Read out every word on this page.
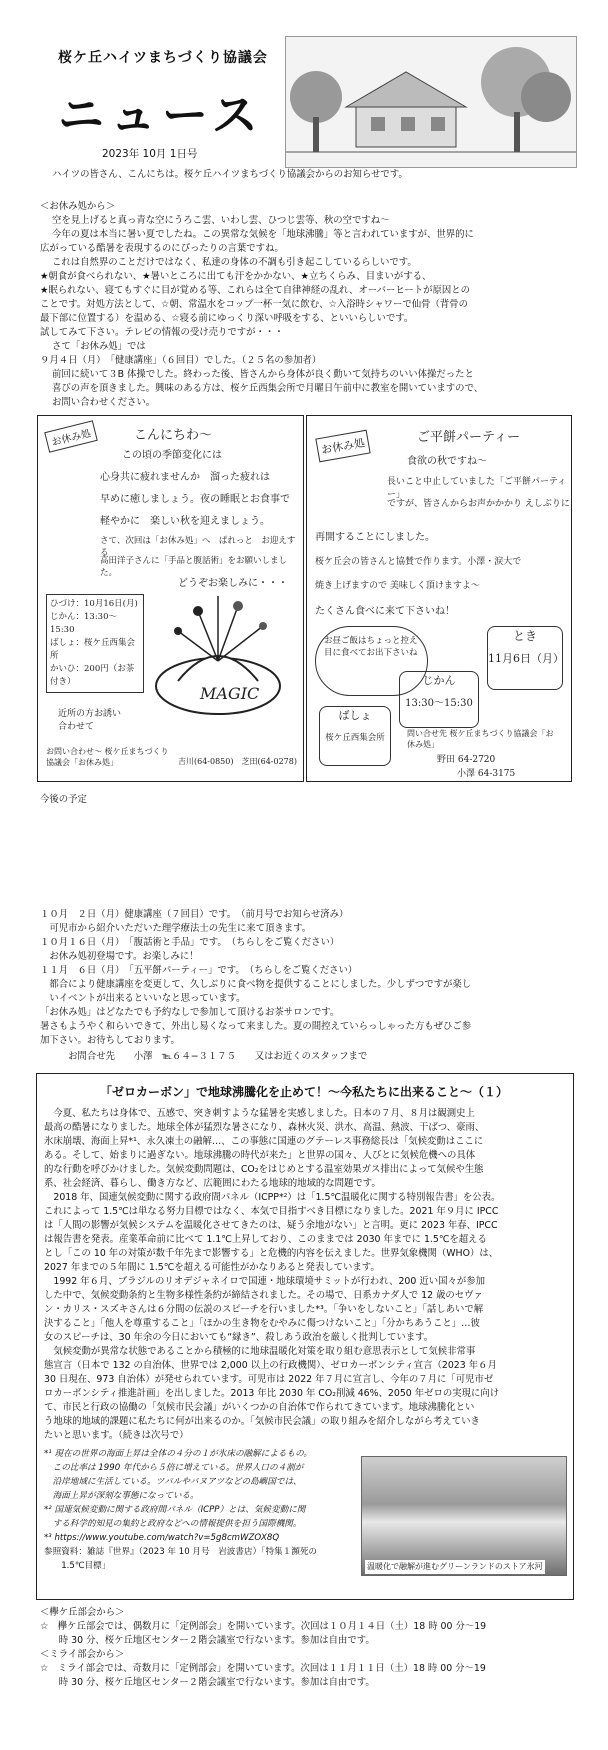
桜ケ丘ハイツまちづくり協議会
ニュース
2023年 10月 1日号
ハイツの皆さん、こんにちは。桜ケ丘ハイツまちづくり協議会からのお知らせです。
＜お休み処から＞
空を見上げると真っ青な空にうろこ雲、いわし雲、ひつじ雲等、秋の空ですね〜
今年の夏は本当に暑い夏でしたね。この異常な気候を「地球沸騰」等と言われていますが、世界的に
広がっている酷暑を表現するのにぴったりの言葉ですね。
これは自然界のことだけではなく、私達の身体の不調も引き起こしているらしいです。
★朝食が食べられない、★暑いところに出ても汗をかかない、★立ちくらみ、目まいがする、
★眠られない、寝てもすぐに目が覚める等、これらは全て自律神経の乱れ、オーバーヒートが原因との
ことです。対処方法として、☆朝、常温水をコップ一杯一気に飲む、☆入浴時シャワーで仙骨（背骨の
最下部に位置する）を温める、☆寝る前にゆっくり深い呼吸をする、といいらしいです。
試してみて下さい。テレビの情報の受け売りですが・・・
さて「お休み処」では
９月４日（月）　「健康講座」（６回目）でした。（２５名の参加者）
前回に続いて３B 体操でした。終わった後、皆さんから身体が良く動いて気持ちのいい体操だったと
喜びの声を頂きました。興味のある方は、桜ケ丘西集会所で月曜日午前中に教室を開いていますので、
お問い合わせください。
お休み処	こんにちわ〜
この頃の季節変化には
心身共に疲れませんか　溜った疲れは
早めに癒しましょう。夜の睡眠とお食事で
軽やかに　楽しい秋を迎えましょう。
さて、次回は「お休み処」へ　ぱれっと　お迎えする
高田洋子さんに「手品と腹話術」をお願いしました。
どうぞお楽しみに・・・
ひづけ：10月16日(月)
じかん：13:30〜15:30
ばしょ：桜ケ丘西集会所
かいひ：200円（お茶付き）
MAGIC
近所の方お誘い合わせて
お問い合わせ〜 桜ケ丘まちづくり協議会「お休み処」	吉川(64-0850)　芝田(64-0278)
お休み処	ご平餅パーティー
食欲の秋ですね〜
長いこと中止していました「ご平餅パーティー」
ですが、皆さんからお声かかかり えしぶりに
再開することにしました。
桜ケ丘会の皆さんと協賛で作ります。小澤・涙大で
焼き上げますので 美味しく頂けますよ〜
たくさん食べに来て下さいね！
お昼ご飯はちょっと控え目に食べてお出下さいね
とき
11月6日（月）
じかん
13:30〜15:30
ばしょ
桜ケ丘西集会所	問い合せ先 桜ケ丘まちづくり協議会「お休み処」
野田 64-2720
小澤 64-3175
今後の予定
１０月　２日（月）健康講座（７回目）です。　（前月号でお知らせ済み）
　可児市から紹介いただいた理学療法士の先生に来て頂きます。
１０月１６日（月）　「腹話術と手品」です。　（ちらしをご覧ください）
　お休み処初登場です。お楽しみに！
１１月　６日（月）　「五平餅パーティー」です。　（ちらしをご覧ください）
　都合により健康講座を変更して、久しぶりに食べ物を提供することにしました。少しずつですが楽し
　いイベントが出来るといいなと思っています。
「お休み処」はどなたでも予約なしで参加して頂けるお茶サロンです。
暑さもようやく和らいできて、外出し易くなって来ました。夏の間控えていらっしゃった方もぜひご参
加下さい。お待ちしております。
　　　お問合せ先　　小澤　℡６４−３１７５　　又はお近くのスタッフまで
「ゼロカーボン」で地球沸騰化を止めて！〜今私たちに出来ること〜（１）
　今夏、私たちは身体で、五感で、突き刺すような猛暑を実感しました。日本の７月、８月は観測史上
最高の酷暑になりました。地球全体が猛烈な暑さになり、森林火災、洪水、高温、熱波、干ばつ、豪雨、
氷床崩壊、海面上昇*¹、永久凍土の融解…、この事態に国連のグテーレス事務総長は「気候変動はここに
ある。そして、始まりに過ぎない。地球沸騰の時代が来た」と世界の国々、人びとに気候危機への具体
的な行動を呼びかけました。気候変動問題は、CO₂をはじめとする温室効果ガス排出によって気候や生態
系、社会経済、暮らし、働き方など、広範囲にわたる地球的地域的な問題です。
　2018 年、国連気候変動に関する政府間パネル（ICPP*²）は「1.5℃温暖化に関する特別報告書」を公表。
これによって 1.5℃は単なる努力目標ではなく、本気で目指すべき目標になりました。2021 年９月に IPCC
は「人間の影響が気候システムを温暖化させてきたのは、疑う余地がない」と言明。更に 2023 年春、IPCC
は報告書を発表。産業革命前に比べて 1.1℃上昇しており、このままでは 2030 年までに 1.5℃を超える
とし「この 10 年の対策が数千年先まで影響する」と危機的内容を伝えました。世界気象機関（WHO）は、
2027 年までの５年間に 1.5℃を超える可能性がかなりあると発表しています。
　1992 年６月、ブラジルのリオデジャネイロで国連・地球環境サミットが行われ、200 近い国々が参加
した中で、気候変動条約と生物多様性条約が締結されました。その場で、日系カナダ人で 12 歳のセヴァ
ン・カリス・スズキさんは６分間の伝説のスピーチを行いました*³。「争いをしないこと」「話しあいで解
決すること」「他人を尊重すること」「ほかの生き物をむやみに傷つけないこと」「分かちあうこと」…彼
女のスピーチは、30 年余の今日においても“縁き”、殺しあう政治を厳しく批判しています。
　気候変動が異常な状態であることから積極的に地球温暖化対策を取り組む意思表示として気候非常事
態宣言（日本で 132 の自治体、世界では 2,000 以上の行政機関）、ゼロカーボンシティ宣言（2023 年６月
30 日現在、973 自治体）が発せられています。可児市は 2022 年７月に宣言し、今年の７月に「可児市ゼ
ロカーボンシティ推進計画」を出しました。2013 年比 2030 年 CO₂削減 46%、2050 年ゼロの実現に向け
て、市民と行政の協働の「気候市民会議」がいくつかの自治体で作られてきています。地球沸騰化とい
う地球的地域的課題に私たちに何が出来るのか。「気候市民会議」の取り組みを紹介しながら考えていき
たいと思います。（続きは次号で）
*¹ 現在の世界の海面上昇は全体の４分の１が氷床の融解によるもの。
　この比率は 1990 年代から５倍に増えている。世界人口の４割が
　沿岸地域に生活している。ツバルやバヌアツなどの島嶼国では、
　海面上昇が深刻な事態になっている。
*² 国連気候変動に関する政府間パネル（ICPP）とは、気候変動に関
　する科学的知見の集約と政府などへの情報提供を担う国際機関。
*³ https://www.youtube.com/watch?v=5g8cmWZOX8Q
参照資料：雑誌『世界』（2023 年 10 月号　岩波書店）「特集１瀕死の
　　1.5℃目標」	温暖化で融解が進むグリーンランドのストア氷河
＜欅ケ丘部会から＞
☆　欅ケ丘部会では、偶数月に「定例部会」を開いています。次回は１０月１４日（土）18 時 00 分〜19
　　時 30 分、桜ケ丘地区センター２階会議室で行ないます。参加は自由です。
＜ミライ部会から＞
☆　ミライ部会では、奇数月に「定例部会」を開いています。次回は１１月１１日（土）18 時 00 分〜19
　　時 30 分、桜ケ丘地区センター２階会議室で行ないます。参加は自由です。
